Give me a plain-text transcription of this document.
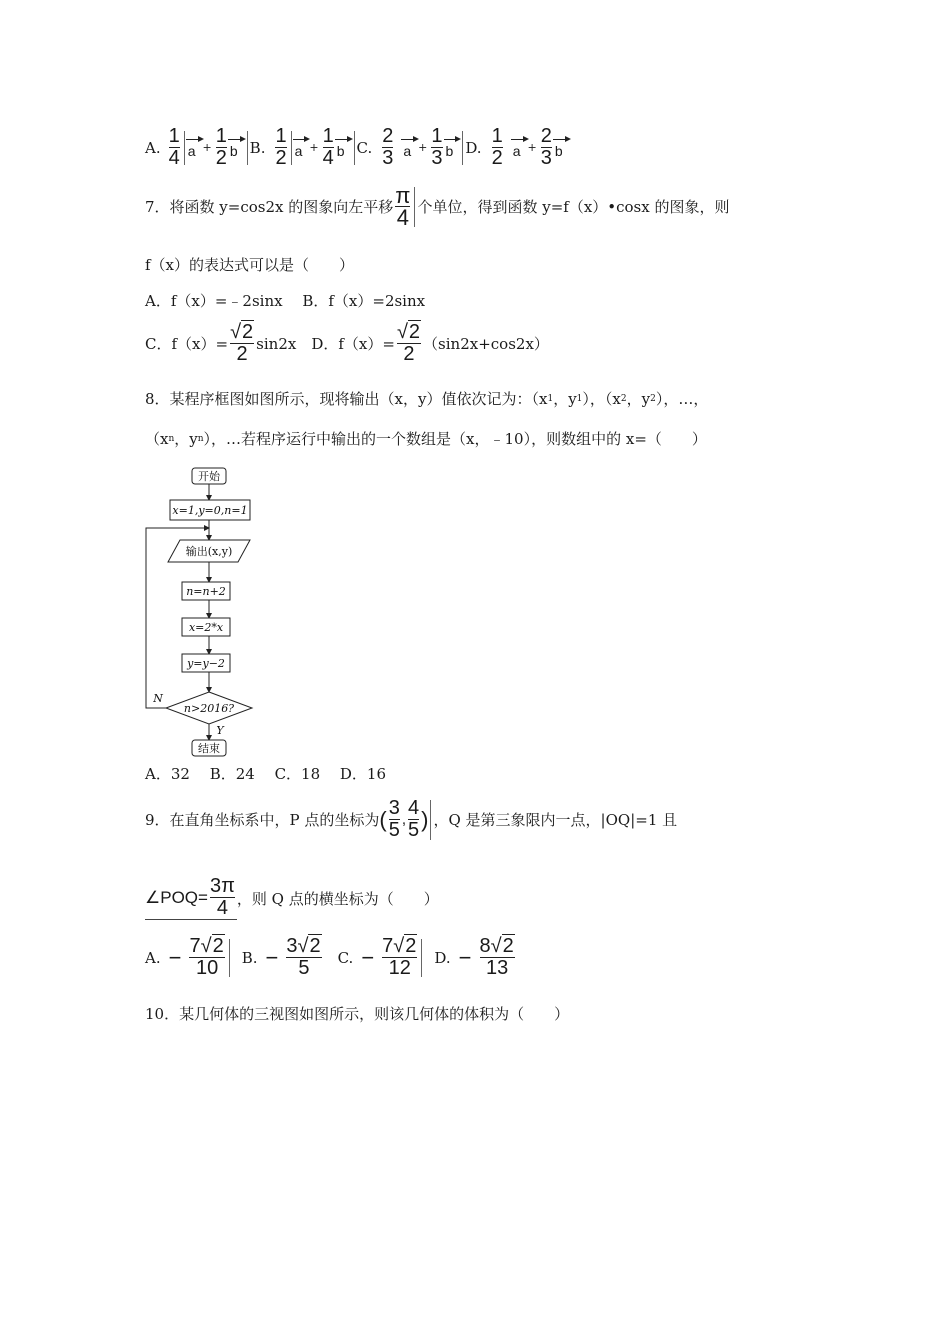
A. $\frac{1}{4}$ $a + \frac{1}{2}$ b B. $\frac{1}{2}$ $a + \frac{1}{4}$ b C. $\frac{2}{3}$ $a + \frac{1}{3}$ b D. $\frac{1}{2}$ $a + \frac{2}{3}$ b
7．将函数 y=cos2x 的图象向左平移 $\frac{\pi}{4}$ 个单位，得到函数 y=f（x）•cosx 的图象，则
f（x）的表达式可以是（　　）
A．f（x）=﹣2sinx　 B．f（x）=2sinx
C．$f(x)= \frac{√2}{2} \sin 2x$　D．$f(x)= \frac{√2}{2} (\sin 2x+\cos 2x)$
8．某程序框图如图所示，现将输出（x，y）值依次记为：（x 1 ，y 1 ），（x 2 ，y 2 ），…，
（x n ，y n ），…若程序运行中输出的一个数组是（x，﹣10），则数组中的 x=（　　）
开始
x=1,y=0,n=1
输出(x,y)
n=n+2
x=2*x
y=y−2
n>2016?
N
Y
结束
A．32　 B．24　 C．18　 D．16
9．在直角坐标系中，P 点的坐标为 ( $\frac{3}{5}$ , $\frac{4}{5}$ ) ，Q 是第三象限内一点，|OQ|=1 且
∠POQ= $\frac{3\pi}{4}$ ，则 Q 点的横坐标为（　　）
A. − $\frac{7√2}{10} B$. − $\frac{3√2}{5} C$. − $\frac{7√2}{12} D$. − $\frac{8√2}{13}$
10．某几何体的三视图如图所示，则该几何体的体积为（　　）
